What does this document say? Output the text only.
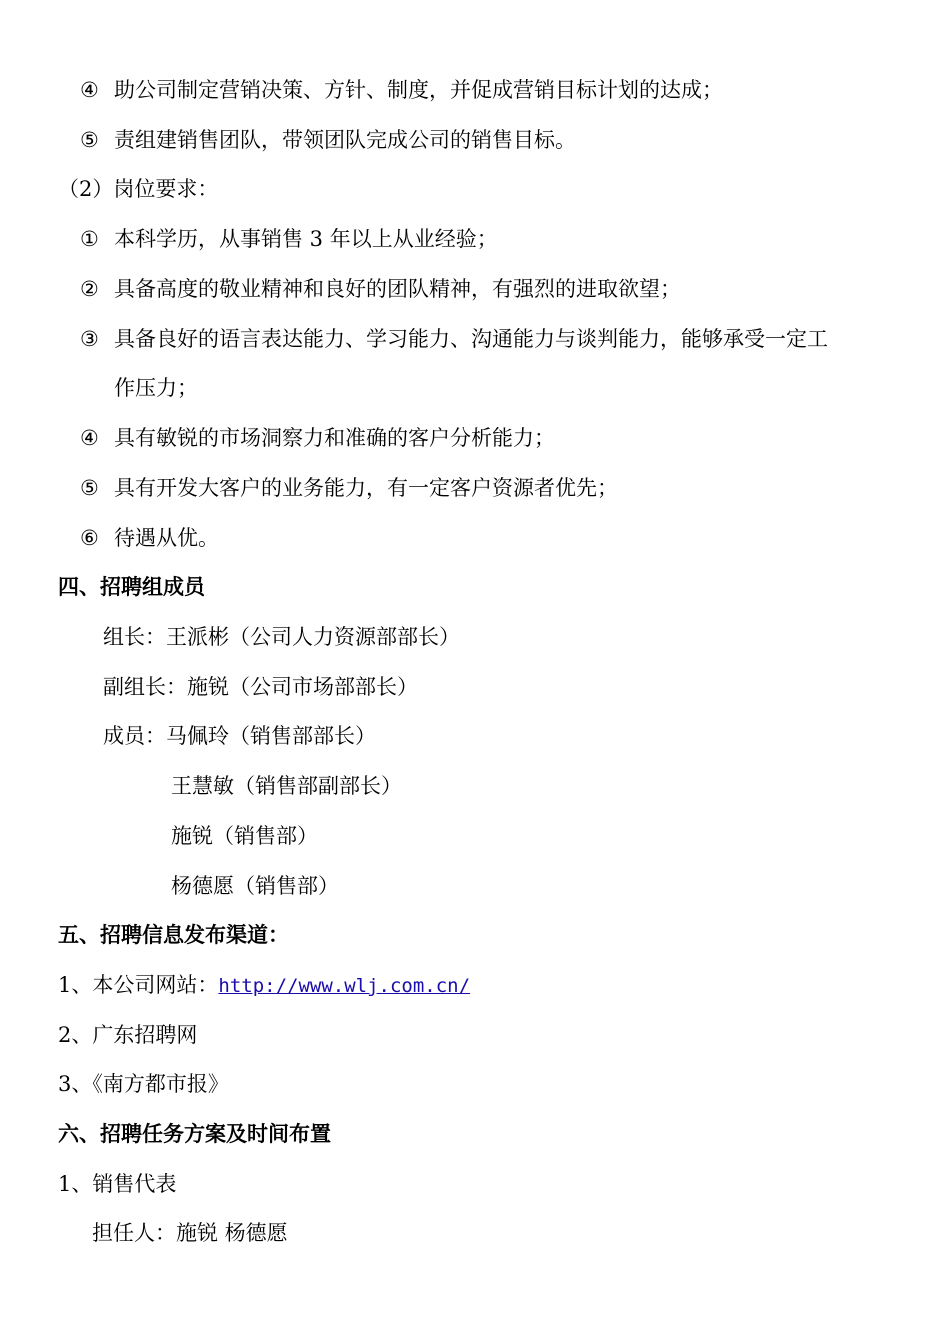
④ 助公司制定营销决策、方针、制度，并促成营销目标计划的达成；
⑤ 责组建销售团队，带领团队完成公司的销售目标。
（2）岗位要求：
① 本科学历，从事销售 3 年以上从业经验；
② 具备高度的敬业精神和良好的团队精神，有强烈的进取欲望；
③ 具备良好的语言表达能力、学习能力、沟通能力与谈判能力，能够承受一定工
作压力；
④ 具有敏锐的市场洞察力和准确的客户分析能力；
⑤ 具有开发大客户的业务能力，有一定客户资源者优先；
⑥ 待遇从优。
四、招聘组成员
组长：王派彬（公司人力资源部部长）
副组长：施锐（公司市场部部长）
成员：马佩玲（销售部部长）
王慧敏（销售部副部长）
施锐（销售部）
杨德愿（销售部）
五、招聘信息发布渠道：
1、本公司网站：http://www.wlj.com.cn/
2、广东招聘网
3、《南方都市报》
六、招聘任务方案及时间布置
1、销售代表
担任人：施锐 杨德愿
